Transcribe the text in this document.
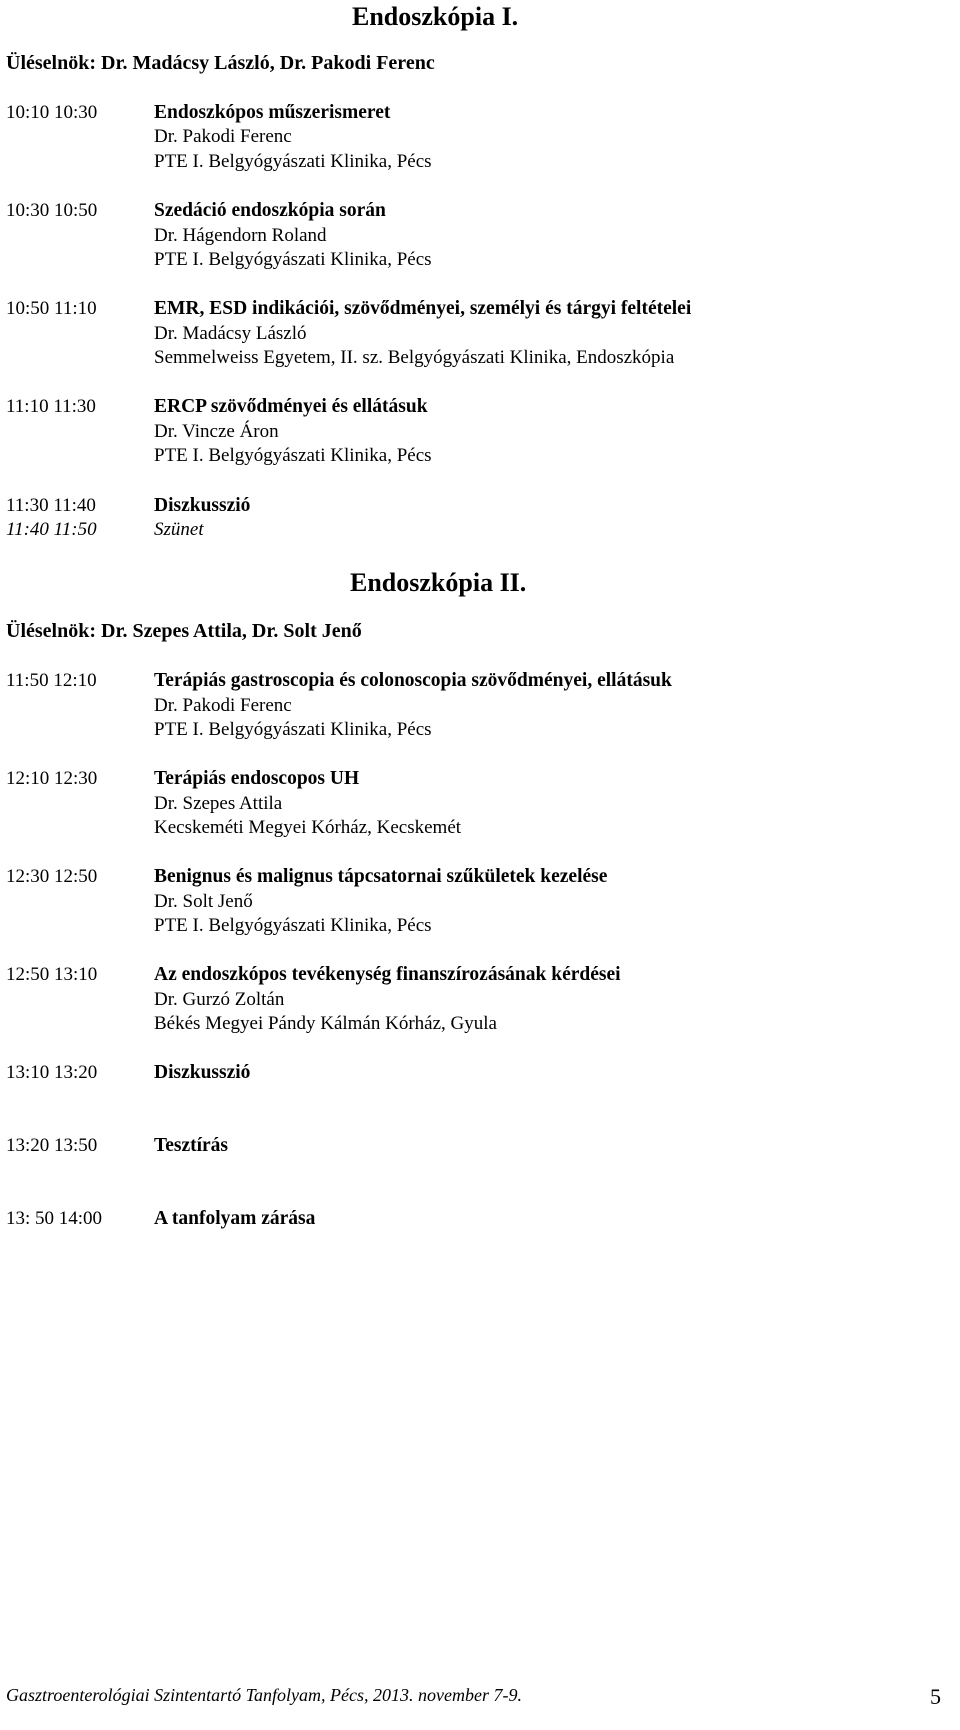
Endoszkópia I.
Üléselnök: Dr. Madácsy László, Dr. Pakodi Ferenc
10:10 10:30	Endoszkópos műszerismeret
Dr. Pakodi Ferenc
PTE I. Belgyógyászati Klinika, Pécs
10:30 10:50	Szedáció endoszkópia során
Dr. Hágendorn Roland
PTE I. Belgyógyászati Klinika, Pécs
10:50 11:10	EMR, ESD indikációi, szövődményei, személyi és tárgyi feltételei
Dr. Madácsy László
Semmelweiss Egyetem, II. sz. Belgyógyászati Klinika, Endoszkópia
11:10 11:30	ERCP szövődményei és ellátásuk
Dr. Vincze Áron
PTE I. Belgyógyászati Klinika, Pécs
11:30 11:40	Diszkusszió
11:40 11:50	Szünet
Endoszkópia II.
Üléselnök: Dr. Szepes Attila, Dr. Solt Jenő
11:50 12:10	Terápiás gastroscopia és colonoscopia szövődményei, ellátásuk
Dr. Pakodi Ferenc
PTE I. Belgyógyászati Klinika, Pécs
12:10 12:30	Terápiás endoscopos UH
Dr. Szepes Attila
Kecskeméti Megyei Kórház, Kecskemét
12:30 12:50	Benignus és malignus tápcsatornai szűkületek kezelése
Dr. Solt Jenő
PTE I. Belgyógyászati Klinika, Pécs
12:50 13:10	Az endoszkópos tevékenység finanszírozásának kérdései
Dr. Gurzó Zoltán
Békés Megyei Pándy Kálmán Kórház, Gyula
13:10 13:20	Diszkusszió
13:20 13:50	Tesztírás
13: 50 14:00	A tanfolyam zárása
Gasztroenterológiai Szintentartó Tanfolyam, Pécs, 2013. november 7-9.	5
